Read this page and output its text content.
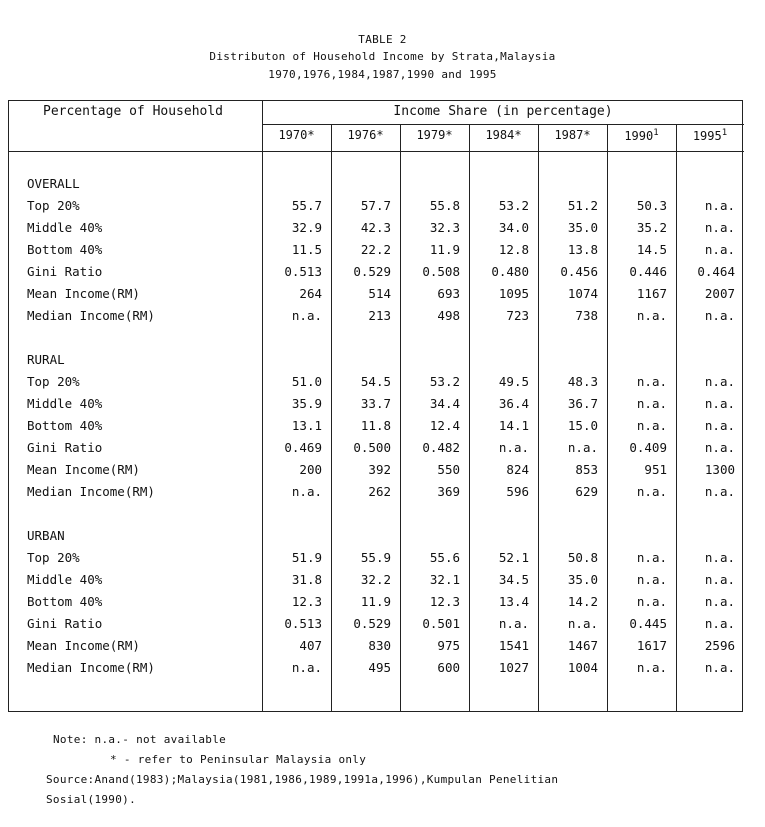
TABLE 2
Distributon of Household Income by Strata,Malaysia
1970,1976,1984,1987,1990 and 1995
Percentage of Household	Income Share (in percentage)
1970*	1976*	1979*	1984*	1987*	1990$^1$	1995$^1$
OVERALL
Top 20%	55.7	57.7	55.8	53.2	51.2	50.3	n.a.
Middle 40%	32.9	42.3	32.3	34.0	35.0	35.2	n.a.
Bottom 40%	11.5	22.2	11.9	12.8	13.8	14.5	n.a.
Gini Ratio	0.513	0.529	0.508	0.480	0.456	0.446	0.464
Mean Income(RM)	264	514	693	1095	1074	1167	2007
Median Income(RM)	n.a.	213	498	723	738	n.a.	n.a.
RURAL
Top 20%	51.0	54.5	53.2	49.5	48.3	n.a.	n.a.
Middle 40%	35.9	33.7	34.4	36.4	36.7	n.a.	n.a.
Bottom 40%	13.1	11.8	12.4	14.1	15.0	n.a.	n.a.
Gini Ratio	0.469	0.500	0.482	n.a.	n.a.	0.409	n.a.
Mean Income(RM)	200	392	550	824	853	951	1300
Median Income(RM)	n.a.	262	369	596	629	n.a.	n.a.
URBAN
Top 20%	51.9	55.9	55.6	52.1	50.8	n.a.	n.a.
Middle 40%	31.8	32.2	32.1	34.5	35.0	n.a.	n.a.
Bottom 40%	12.3	11.9	12.3	13.4	14.2	n.a.	n.a.
Gini Ratio	0.513	0.529	0.501	n.a.	n.a.	0.445	n.a.
Mean Income(RM)	407	830	975	1541	1467	1617	2596
Median Income(RM)	n.a.	495	600	1027	1004	n.a.	n.a.
Note: n.a.- not available
* - refer to Peninsular Malaysia only
Source:Anand(1983);Malaysia(1981,1986,1989,1991a,1996),Kumpulan Penelitian
Sosial(1990).
